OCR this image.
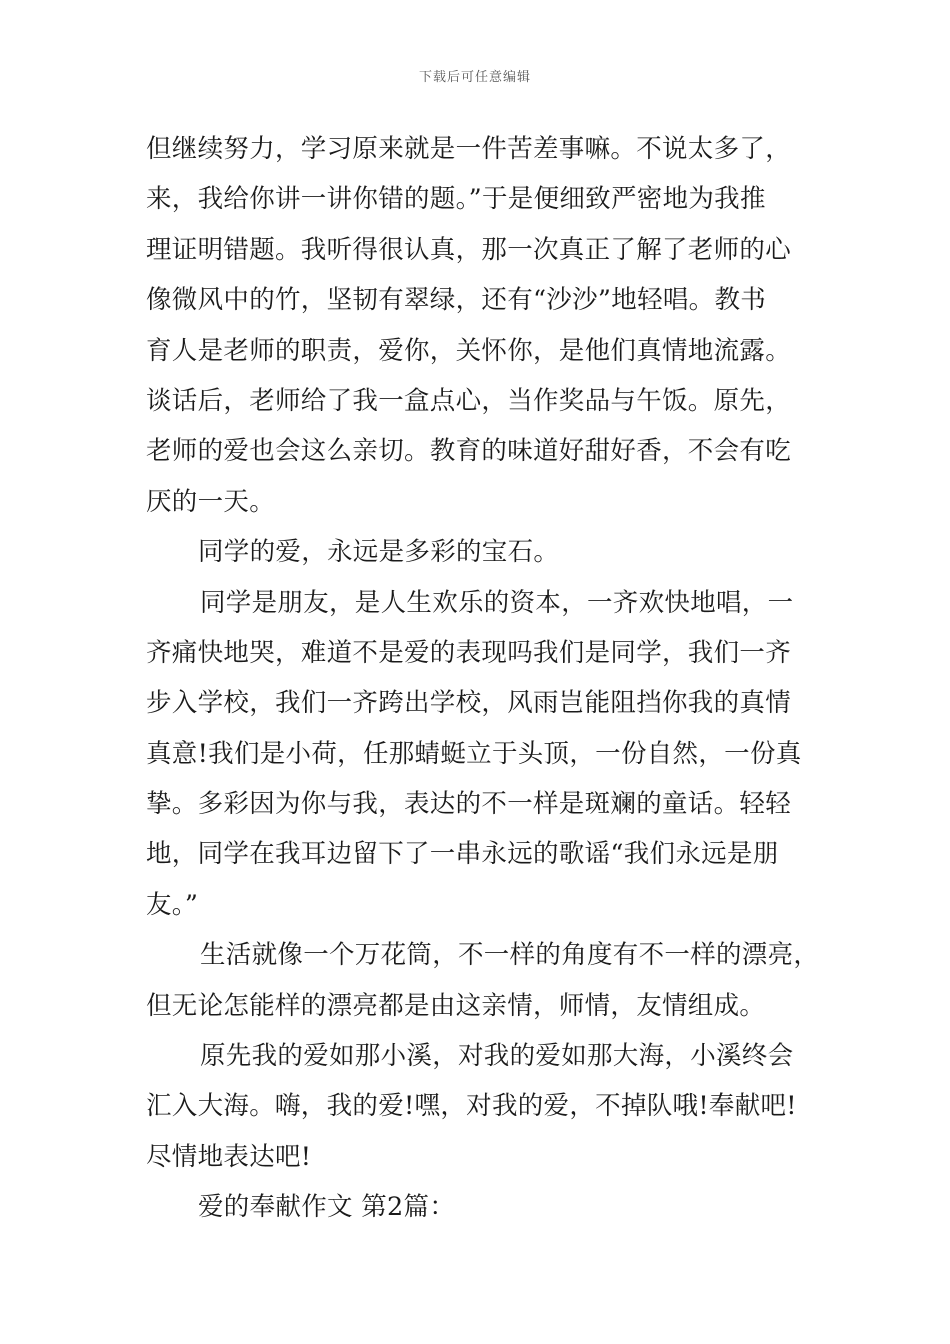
下载后可任意编辑
但继续努力，学习原来就是一件苦差事嘛。不说太多了，
来，我给你讲一讲你错的题。”于是便细致严密地为我推
理证明错题。我听得很认真，那一次真正了解了老师的心
像微风中的竹，坚韧有翠绿，还有“沙沙”地轻唱。教书
育人是老师的职责，爱你，关怀你，是他们真情地流露。
谈话后，老师给了我一盒点心，当作奖品与午饭。原先，
老师的爱也会这么亲切。教育的味道好甜好香，不会有吃
厌的一天。
同学的爱，永远是多彩的宝石。
同学是朋友，是人生欢乐的资本，一齐欢快地唱，一
齐痛快地哭，难道不是爱的表现吗我们是同学，我们一齐
步入学校，我们一齐跨出学校，风雨岂能阻挡你我的真情
真意!我们是小荷，任那蜻蜓立于头顶，一份自然，一份真
挚。多彩因为你与我，表达的不一样是斑斓的童话。轻轻
地，同学在我耳边留下了一串永远的歌谣“我们永远是朋
友。”
生活就像一个万花筒，不一样的角度有不一样的漂亮，
但无论怎能样的漂亮都是由这亲情，师情，友情组成。
原先我的爱如那小溪，对我的爱如那大海，小溪终会
汇入大海。嗨，我的爱!嘿，对我的爱，不掉队哦!奉献吧!
尽情地表达吧!
爱的奉献作文 第2篇：
